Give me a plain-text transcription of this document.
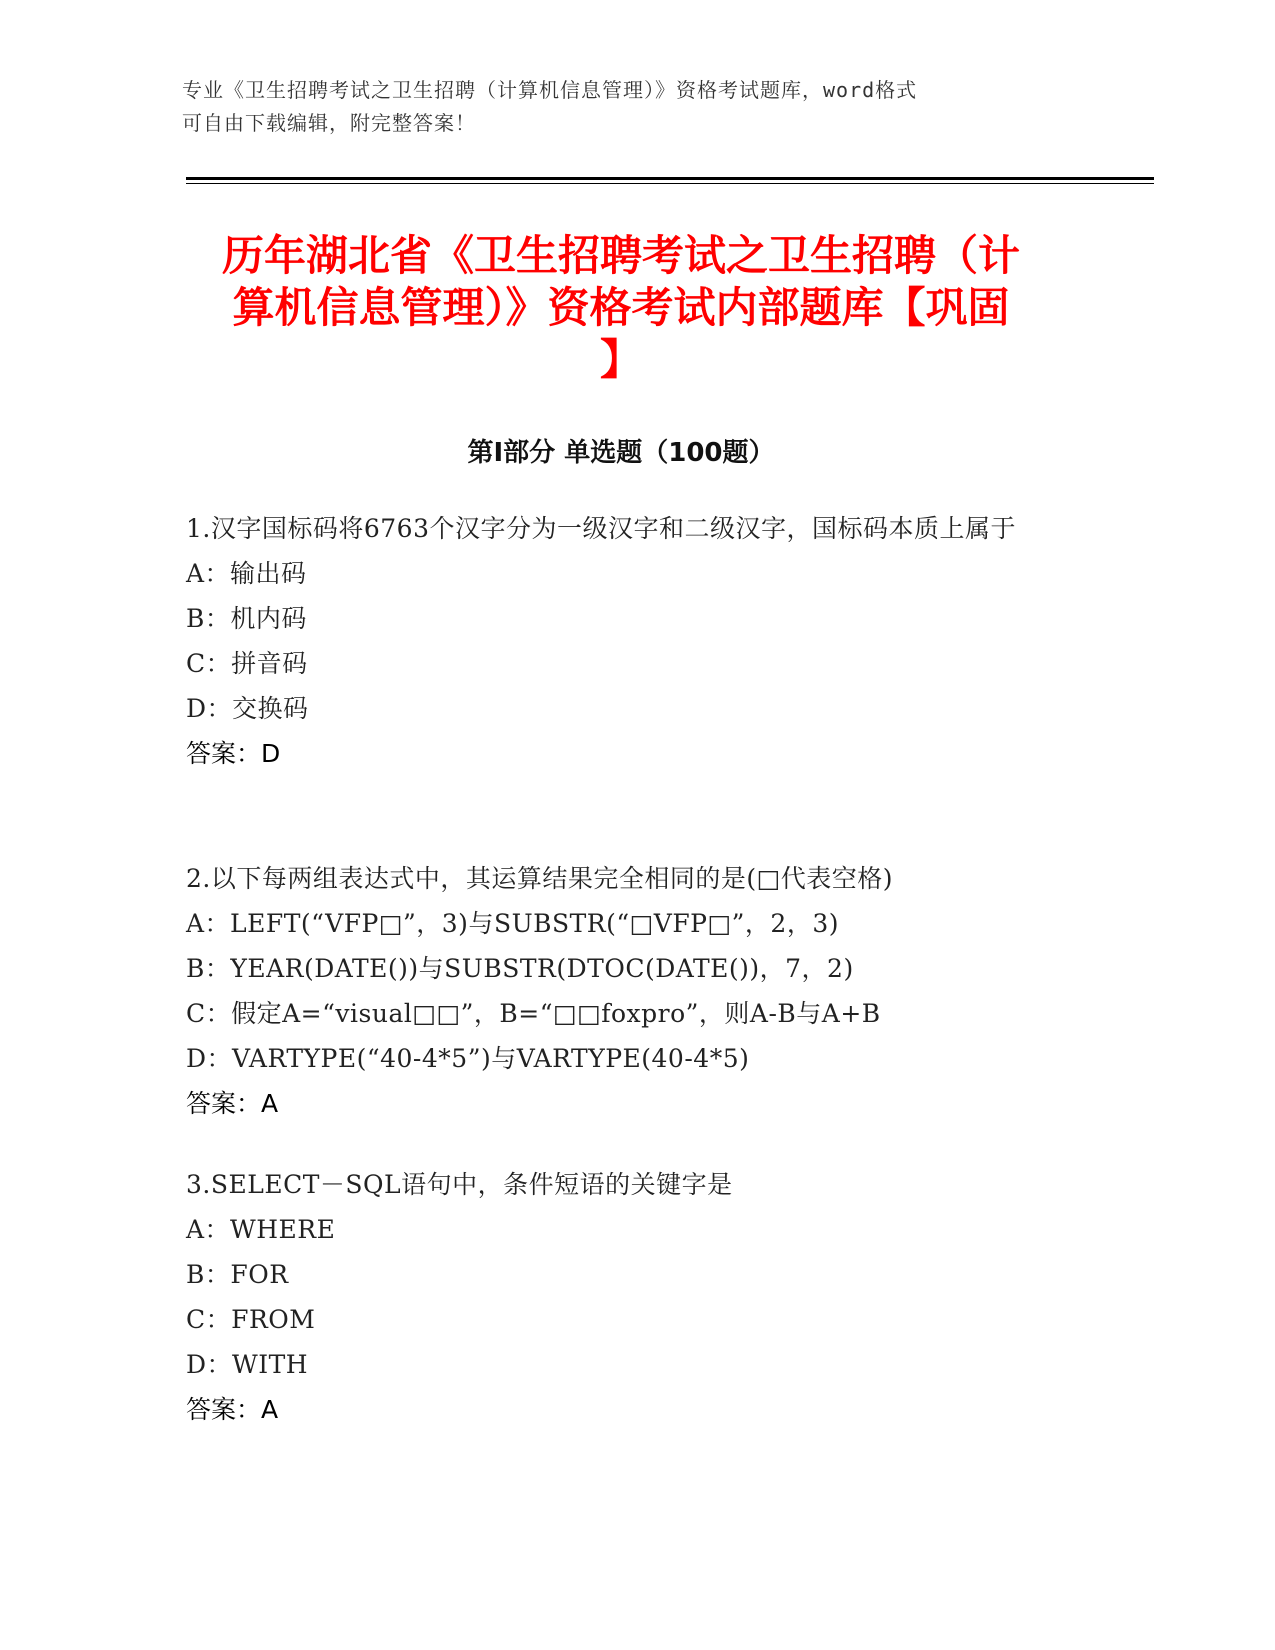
专业《卫生招聘考试之卫生招聘（计算机信息管理）》资格考试题库，word格式
可自由下载编辑，附完整答案！
历年湖北省《卫生招聘考试之卫生招聘（计
算机信息管理）》资格考试内部题库【巩固
】
第I部分 单选题（100题）
1.汉字国标码将6763个汉字分为一级汉字和二级汉字，国标码本质上属于
A：输出码
B：机内码
C：拼音码
D：交换码
答案：D
2.以下每两组表达式中，其运算结果完全相同的是(□代表空格)
A：LEFT(“VFP□”，3)与SUBSTR(“□VFP□”，2，3)
B：YEAR(DATE())与SUBSTR(DTOC(DATE())，7，2)
C：假定A=“visual□□”，B=“□□foxpro”，则A-B与A+B
D：VARTYPE(“40-4*5”)与VARTYPE(40-4*5)
答案：A
3.SELECT－SQL语句中，条件短语的关键字是
A：WHERE
B：FOR
C：FROM
D：WITH
答案：A
